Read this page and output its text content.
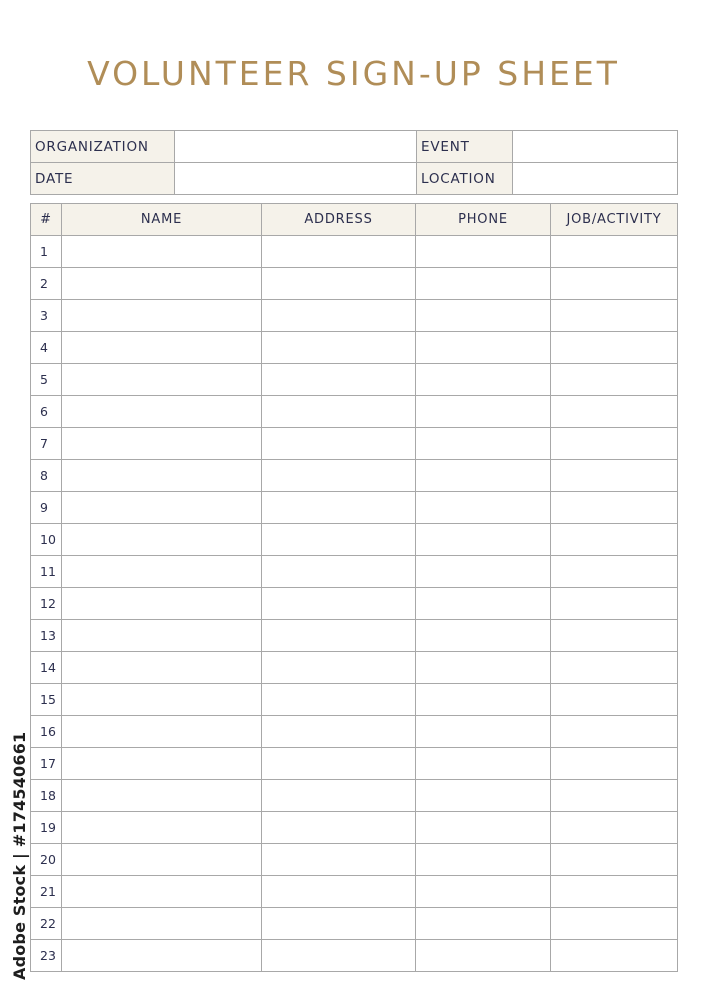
VOLUNTEER SIGN-UP SHEET
ORGANIZATION		EVENT	
DATE		LOCATION	
#	NAME	ADDRESS	PHONE	JOB/ACTIVITY
1				
2				
3				
4				
5				
6				
7				
8				
9				
10				
11				
12				
13				
14				
15				
16				
17				
18				
19				
20				
21				
22				
23				
Adobe Stock | #174540661
